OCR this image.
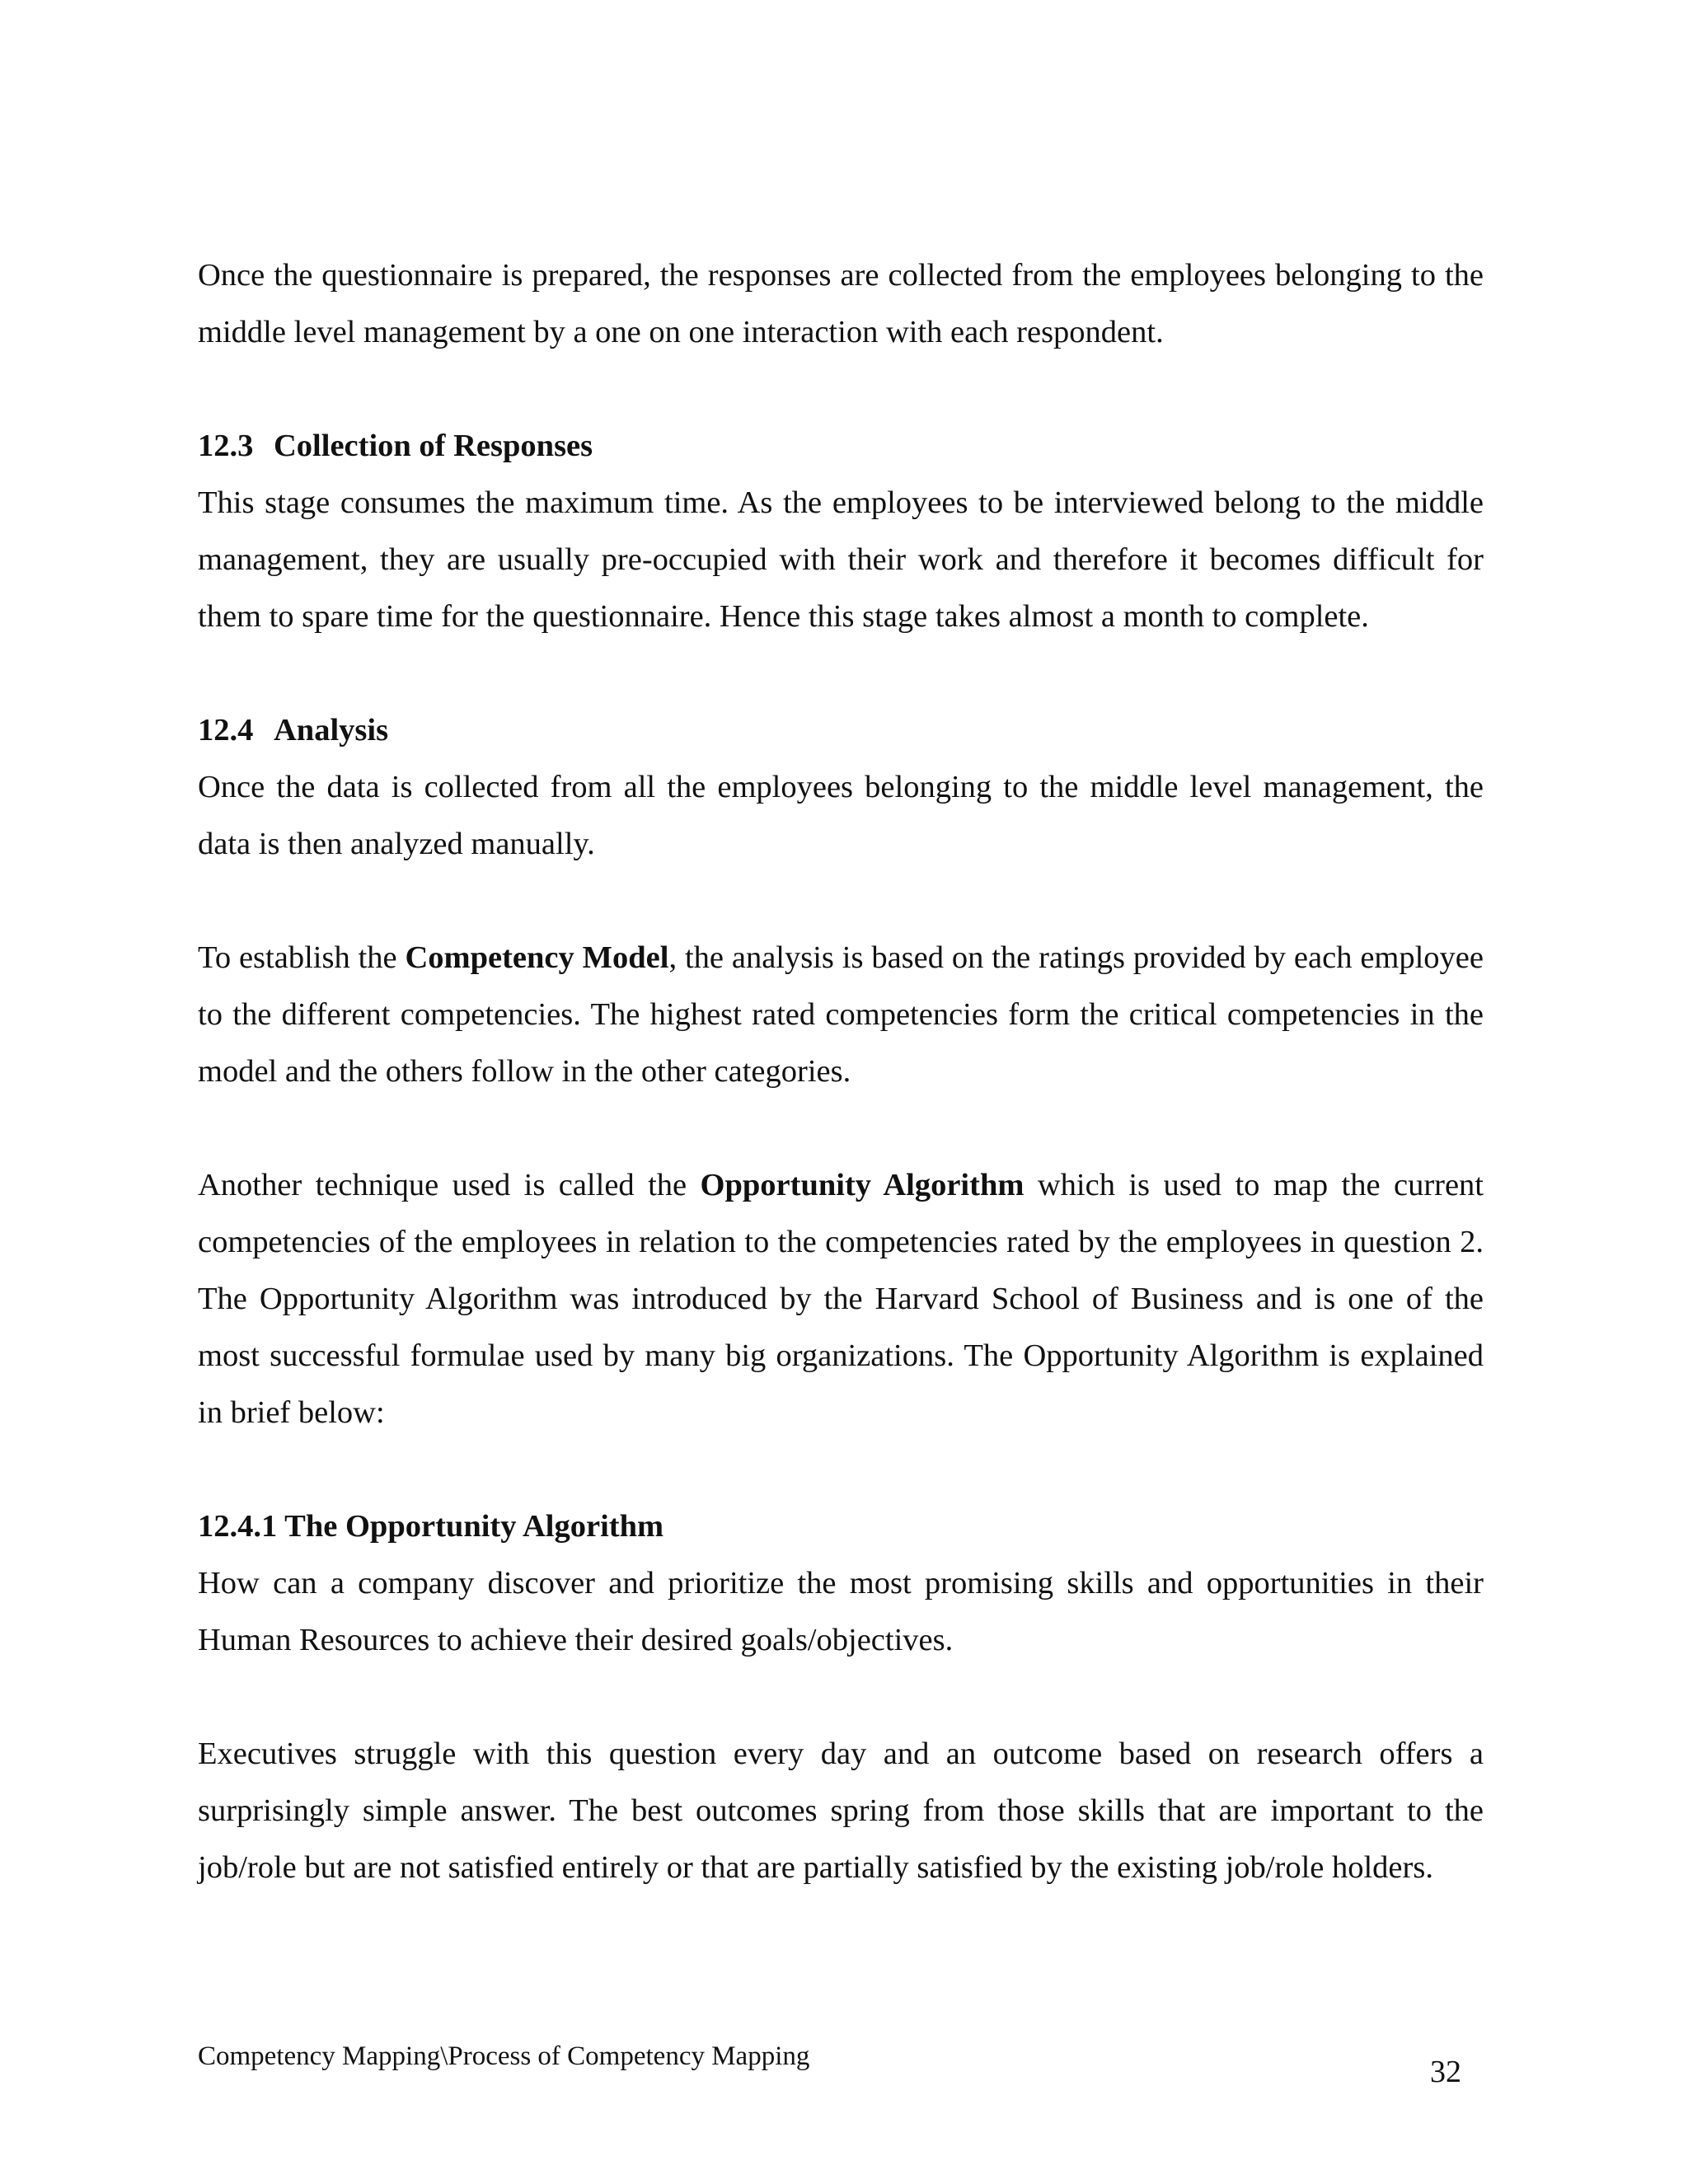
Once the questionnaire is prepared, the responses are collected from the employees belonging to the middle level management by a one on one interaction with each respondent.

12.3 Collection of Responses

This stage consumes the maximum time. As the employees to be interviewed belong to the middle management, they are usually pre-occupied with their work and therefore it becomes difficult for them to spare time for the questionnaire. Hence this stage takes almost a month to complete.

12.4 Analysis

Once the data is collected from all the employees belonging to the middle level management, the data is then analyzed manually.

To establish the Competency Model, the analysis is based on the ratings provided by each employee to the different competencies. The highest rated competencies form the critical competencies in the model and the others follow in the other categories.

Another technique used is called the Opportunity Algorithm which is used to map the current competencies of the employees in relation to the competencies rated by the employees in question 2. The Opportunity Algorithm was introduced by the Harvard School of Business and is one of the most successful formulae used by many big organizations. The Opportunity Algorithm is explained in brief below:

12.4.1 The Opportunity Algorithm

How can a company discover and prioritize the most promising skills and opportunities in their Human Resources to achieve their desired goals/objectives.

Executives struggle with this question every day and an outcome based on research offers a surprisingly simple answer. The best outcomes spring from those skills that are important to the job/role but are not satisfied entirely or that are partially satisfied by the existing job/role holders.

Competency Mapping\Process of Competency Mapping	32
